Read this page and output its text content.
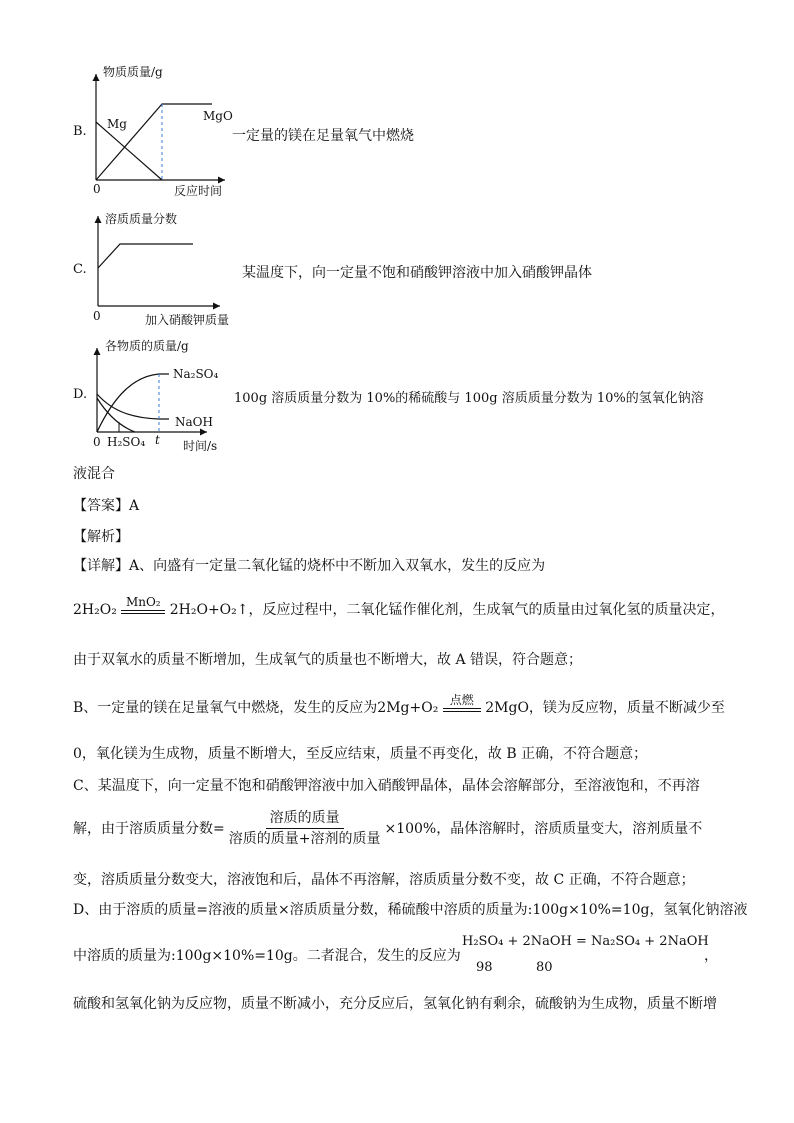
B.
物质质量/g
Mg
MgO
0	反应时间
一定量的镁在足量氧气中燃烧
C.
溶质质量分数
0	加入硝酸钾质量
某温度下，向一定量不饱和硝酸钾溶液中加入硝酸钾晶体
D.
各物质的质量/g
Na₂SO₄
NaOH
0 H₂SO₄ t 时间/s
100g 溶质质量分数为 10%的稀硫酸与 100g 溶质质量分数为 10%的氢氧化钠溶
液混合
【答案】A
【解析】
【详解】A、向盛有一定量二氧化锰的烧杯中不断加入双氧水，发生的反应为
2H₂O₂ MnO₂ 2H₂O+O₂↑，反应过程中，二氧化锰作催化剂，生成氧气的质量由过氧化氢的质量决定，
由于双氧水的质量不断增加，生成氧气的质量也不断增大，故 A 错误，符合题意；
B、一定量的镁在足量氧气中燃烧，发生的反应为2Mg+O₂ 点燃 2MgO，镁为反应物，质量不断减少至
0，氧化镁为生成物，质量不断增大，至反应结束，质量不再变化，故 B 正确，不符合题意；
C、某温度下，向一定量不饱和硝酸钾溶液中加入硝酸钾晶体，晶体会溶解部分，至溶液饱和，不再溶
解，由于溶质质量分数= $\frac{\text{溶质的质量}}{\text{溶质的质量+溶剂的质量}} \times 100\%$，晶体溶解时，溶质质量变大，溶剂质量不
变，溶质质量分数变大，溶液饱和后，晶体不再溶解，溶质质量分数不变，故 C 正确，不符合题意；
D、由于溶质的质量=溶液的质量×溶质质量分数，稀硫酸中溶质的质量为:100g×10%=10g，氢氧化钠溶液
中溶质的质量为:100g×10%=10g。二者混合，发生的反应为
H₂SO₄ + 2NaOH = Na₂SO₄ + 2NaOH
98	80
，
硫酸和氢氧化钠为反应物，质量不断减小，充分反应后，氢氧化钠有剩余，硫酸钠为生成物，质量不断增
